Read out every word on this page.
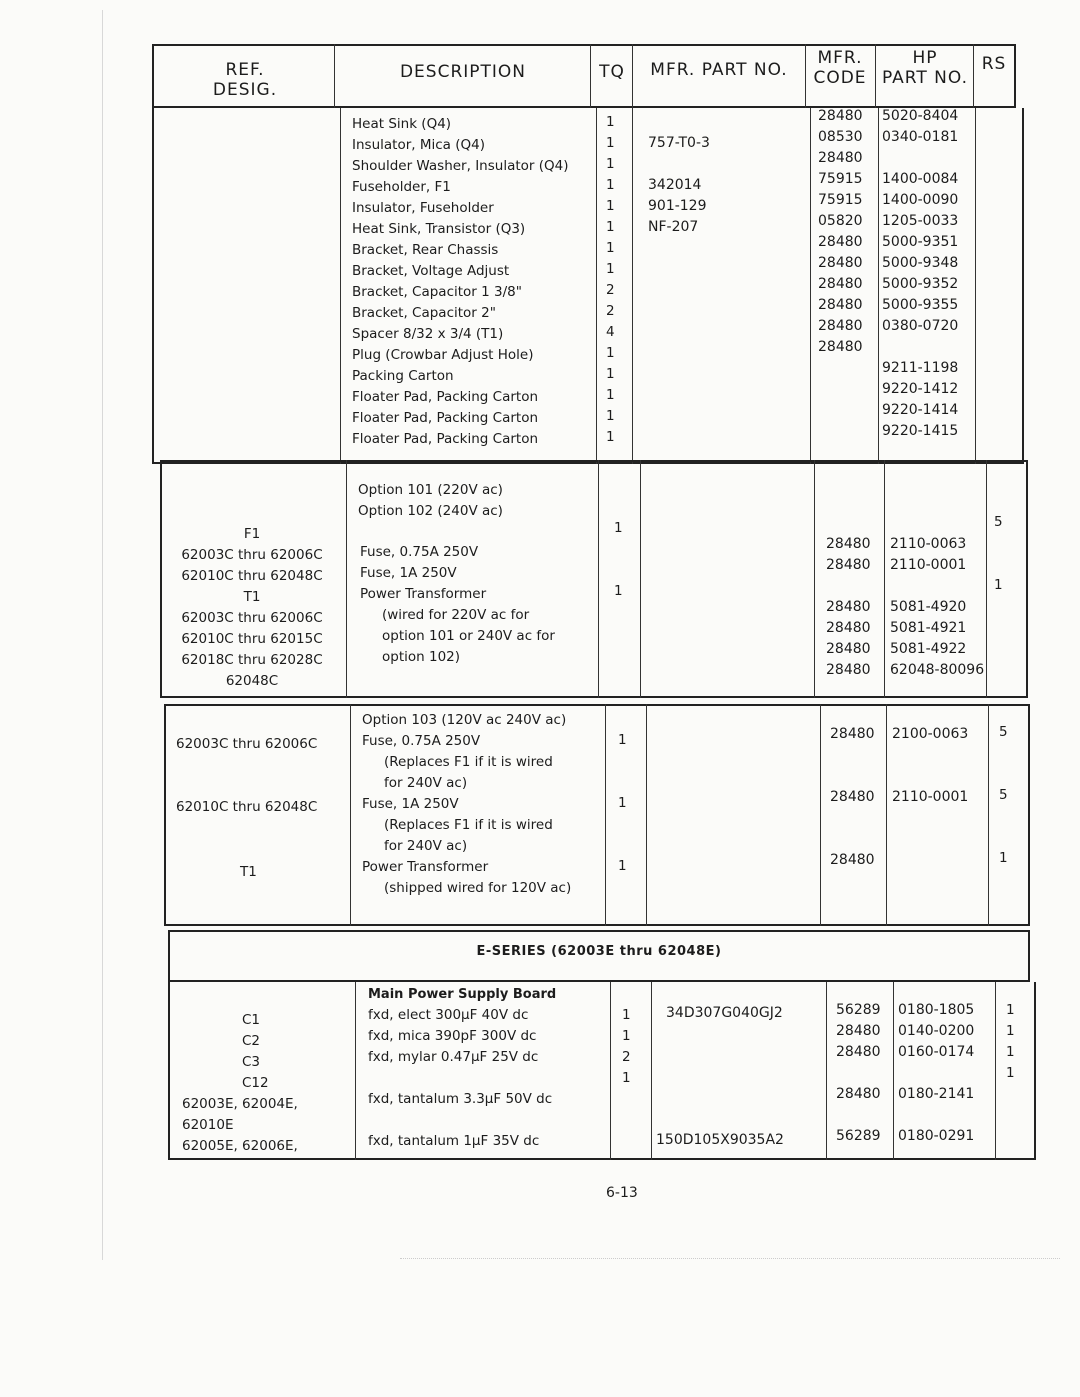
REF.
DESIG.
DESCRIPTION	TQ	MFR. PART NO.
MFR.
CODE
HP
PART NO.
RS
Heat Sink (Q4)
Insulator, Mica (Q4)
Shoulder Washer, Insulator (Q4)
Fuseholder, F1
Insulator, Fuseholder
Heat Sink, Transistor (Q3)
Bracket, Rear Chassis
Bracket, Voltage Adjust
Bracket, Capacitor 1 3/8"
Bracket, Capacitor 2"
Spacer 8/32 x 3/4 (T1)
Plug (Crowbar Adjust Hole)
Packing Carton
Floater Pad, Packing Carton
Floater Pad, Packing Carton
Floater Pad, Packing Carton
1
1
1
1
1
1
1
1
2
2
4
1
1
1
1
1
757-T0-3
342014
901-129
NF-207
28480
08530
28480
75915
75915
05820
28480
28480
28480
28480
28480
28480
5020-8404
0340-0181
1400-0084
1400-0090
1205-0033
5000-9351
5000-9348
5000-9352
5000-9355
0380-0720
9211-1198
9220-1412
9220-1414
9220-1415
F1
62003C thru 62006C
62010C thru 62048C
T1
62003C thru 62006C
62010C thru 62015C
62018C thru 62028C
62048C
Option 101 (220V ac)
Option 102 (240V ac)
Fuse, 0.75A 250V
Fuse, 1A 250V
Power Transformer
(wired for 220V ac for
option 101 or 240V ac for
option 102)
1
1
28480
28480
28480
28480
28480
28480
2110-0063
2110-0001
5081-4920
5081-4921
5081-4922
62048-80096
5
1
62003C thru 62006C
62010C thru 62048C
T1
Option 103 (120V ac 240V ac)
Fuse, 0.75A 250V
(Replaces F1 if it is wired
for 240V ac)
Fuse, 1A 250V
(Replaces F1 if it is wired
for 240V ac)
Power Transformer
(shipped wired for 120V ac)
1
1
1
28480
28480
28480
2100-0063
2110-0001
5
5
1
E-SERIES (62003E thru 62048E)
C1
C2
C3
C12
62003E, 62004E,
62010E
62005E, 62006E,
Main Power Supply Board
fxd, elect 300μF 40V dc
fxd, mica 390pF 300V dc
fxd, mylar 0.47μF 25V dc
fxd, tantalum 3.3μF 50V dc
fxd, tantalum 1μF 35V dc
1
1
2
1
34D307G040GJ2
150D105X9035A2
56289
28480
28480
28480
56289
0180-1805
0140-0200
0160-0174
0180-2141
0180-0291
1
1
1
1
6-13
